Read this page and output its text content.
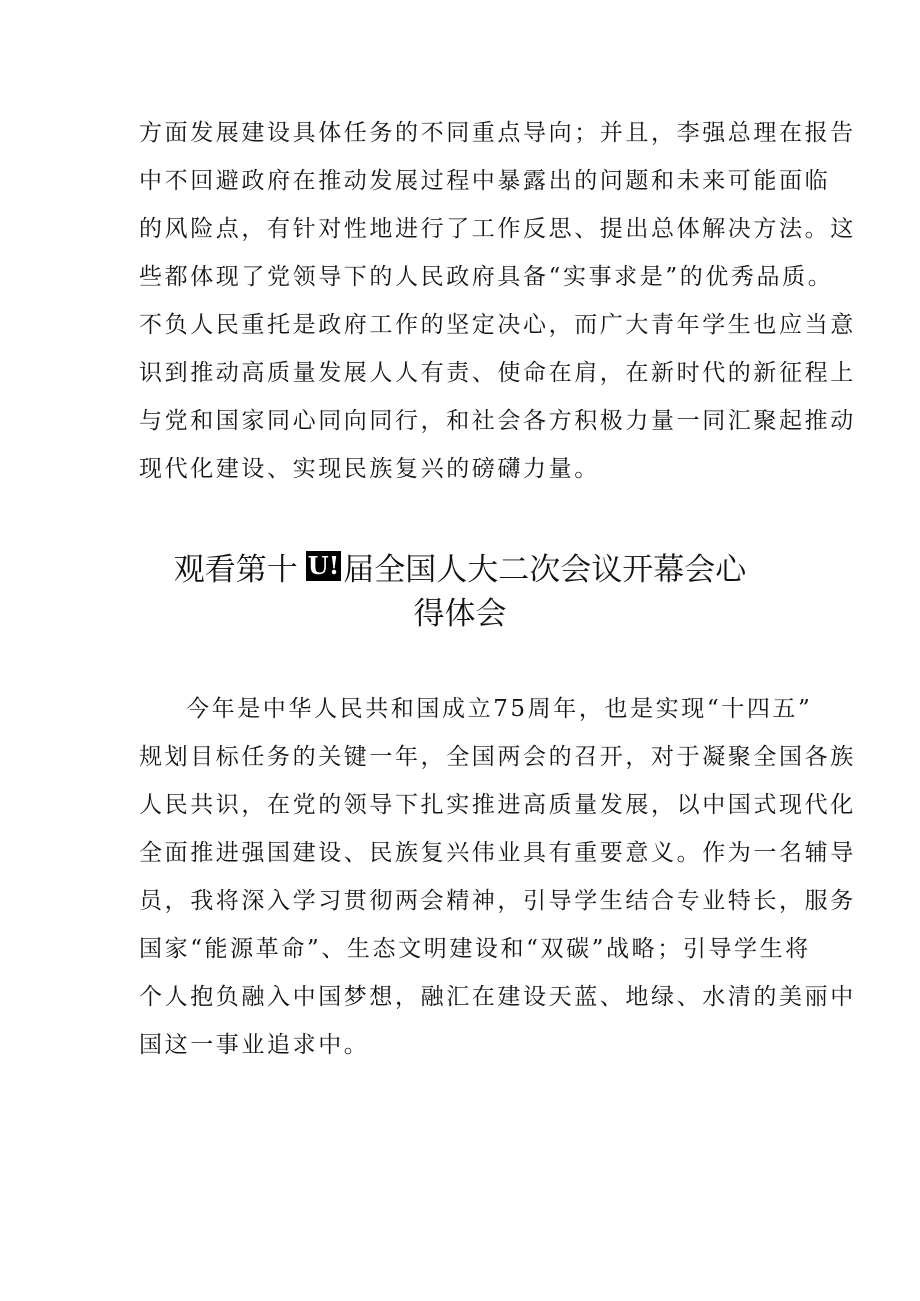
方面发展建设具体任务的不同重点导向；并且，李强总理在报告
中不回避政府在推动发展过程中暴露出的问题和未来可能面临
的风险点，有针对性地进行了工作反思、提出总体解决方法。这
些都体现了党领导下的人民政府具备“实事求是”的优秀品质。
不负人民重托是政府工作的坚定决心，而广大青年学生也应当意
识到推动高质量发展人人有责、使命在肩，在新时代的新征程上
与党和国家同心同向同行，和社会各方积极力量一同汇聚起推动
现代化建设、实现民族复兴的磅礴力量。
观看第十 U! 届全国人大二次会议开幕会心
得体会
今年是中华人民共和国成立75周年，也是实现“十四五”
规划目标任务的关键一年，全国两会的召开，对于凝聚全国各族
人民共识，在党的领导下扎实推进高质量发展，以中国式现代化
全面推进强国建设、民族复兴伟业具有重要意义。作为一名辅导
员，我将深入学习贯彻两会精神，引导学生结合专业特长，服务
国家“能源革命”、生态文明建设和“双碳”战略；引导学生将
个人抱负融入中国梦想，融汇在建设天蓝、地绿、水清的美丽中
国这一事业追求中。
